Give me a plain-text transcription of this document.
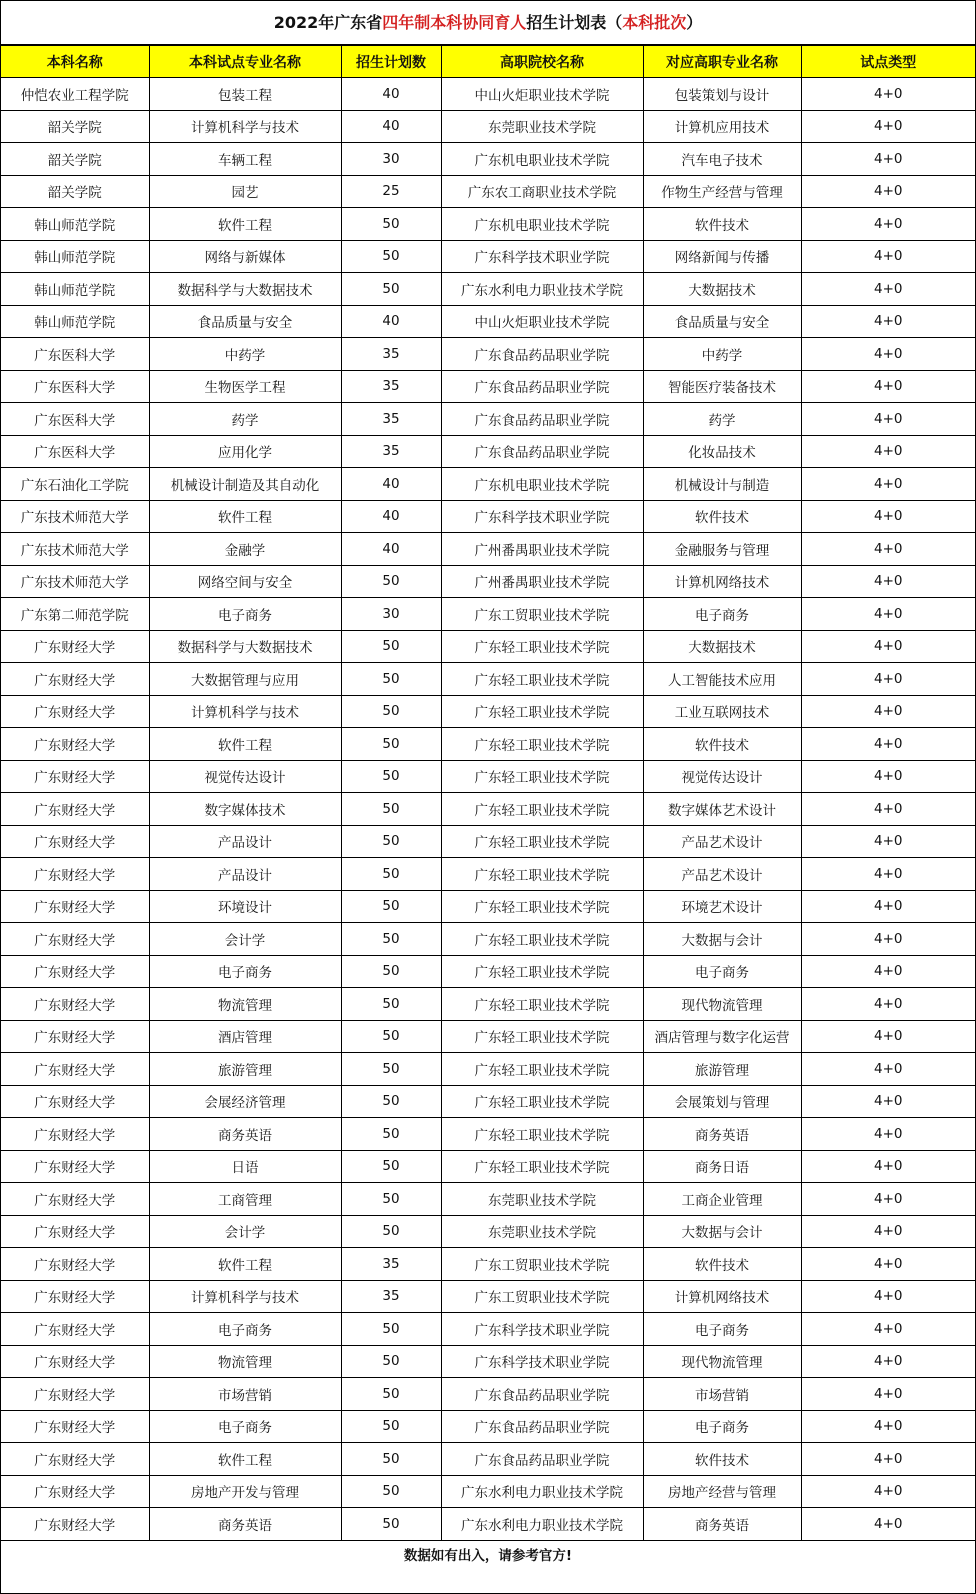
2022年广东省四年制本科协同育人招生计划表（本科批次）
本科名称	本科试点专业名称	招生计划数	高职院校名称	对应高职专业名称	试点类型
仲恺农业工程学院	包装工程	40	中山火炬职业技术学院	包装策划与设计	4+0
韶关学院	计算机科学与技术	40	东莞职业技术学院	计算机应用技术	4+0
韶关学院	车辆工程	30	广东机电职业技术学院	汽车电子技术	4+0
韶关学院	园艺	25	广东农工商职业技术学院	作物生产经营与管理	4+0
韩山师范学院	软件工程	50	广东机电职业技术学院	软件技术	4+0
韩山师范学院	网络与新媒体	50	广东科学技术职业学院	网络新闻与传播	4+0
韩山师范学院	数据科学与大数据技术	50	广东水利电力职业技术学院	大数据技术	4+0
韩山师范学院	食品质量与安全	40	中山火炬职业技术学院	食品质量与安全	4+0
广东医科大学	中药学	35	广东食品药品职业学院	中药学	4+0
广东医科大学	生物医学工程	35	广东食品药品职业学院	智能医疗装备技术	4+0
广东医科大学	药学	35	广东食品药品职业学院	药学	4+0
广东医科大学	应用化学	35	广东食品药品职业学院	化妆品技术	4+0
广东石油化工学院	机械设计制造及其自动化	40	广东机电职业技术学院	机械设计与制造	4+0
广东技术师范大学	软件工程	40	广东科学技术职业学院	软件技术	4+0
广东技术师范大学	金融学	40	广州番禺职业技术学院	金融服务与管理	4+0
广东技术师范大学	网络空间与安全	50	广州番禺职业技术学院	计算机网络技术	4+0
广东第二师范学院	电子商务	30	广东工贸职业技术学院	电子商务	4+0
广东财经大学	数据科学与大数据技术	50	广东轻工职业技术学院	大数据技术	4+0
广东财经大学	大数据管理与应用	50	广东轻工职业技术学院	人工智能技术应用	4+0
广东财经大学	计算机科学与技术	50	广东轻工职业技术学院	工业互联网技术	4+0
广东财经大学	软件工程	50	广东轻工职业技术学院	软件技术	4+0
广东财经大学	视觉传达设计	50	广东轻工职业技术学院	视觉传达设计	4+0
广东财经大学	数字媒体技术	50	广东轻工职业技术学院	数字媒体艺术设计	4+0
广东财经大学	产品设计	50	广东轻工职业技术学院	产品艺术设计	4+0
广东财经大学	产品设计	50	广东轻工职业技术学院	产品艺术设计	4+0
广东财经大学	环境设计	50	广东轻工职业技术学院	环境艺术设计	4+0
广东财经大学	会计学	50	广东轻工职业技术学院	大数据与会计	4+0
广东财经大学	电子商务	50	广东轻工职业技术学院	电子商务	4+0
广东财经大学	物流管理	50	广东轻工职业技术学院	现代物流管理	4+0
广东财经大学	酒店管理	50	广东轻工职业技术学院	酒店管理与数字化运营	4+0
广东财经大学	旅游管理	50	广东轻工职业技术学院	旅游管理	4+0
广东财经大学	会展经济管理	50	广东轻工职业技术学院	会展策划与管理	4+0
广东财经大学	商务英语	50	广东轻工职业技术学院	商务英语	4+0
广东财经大学	日语	50	广东轻工职业技术学院	商务日语	4+0
广东财经大学	工商管理	50	东莞职业技术学院	工商企业管理	4+0
广东财经大学	会计学	50	东莞职业技术学院	大数据与会计	4+0
广东财经大学	软件工程	35	广东工贸职业技术学院	软件技术	4+0
广东财经大学	计算机科学与技术	35	广东工贸职业技术学院	计算机网络技术	4+0
广东财经大学	电子商务	50	广东科学技术职业学院	电子商务	4+0
广东财经大学	物流管理	50	广东科学技术职业学院	现代物流管理	4+0
广东财经大学	市场营销	50	广东食品药品职业学院	市场营销	4+0
广东财经大学	电子商务	50	广东食品药品职业学院	电子商务	4+0
广东财经大学	软件工程	50	广东食品药品职业学院	软件技术	4+0
广东财经大学	房地产开发与管理	50	广东水利电力职业技术学院	房地产经营与管理	4+0
广东财经大学	商务英语	50	广东水利电力职业技术学院	商务英语	4+0
数据如有出入，请参考官方!
